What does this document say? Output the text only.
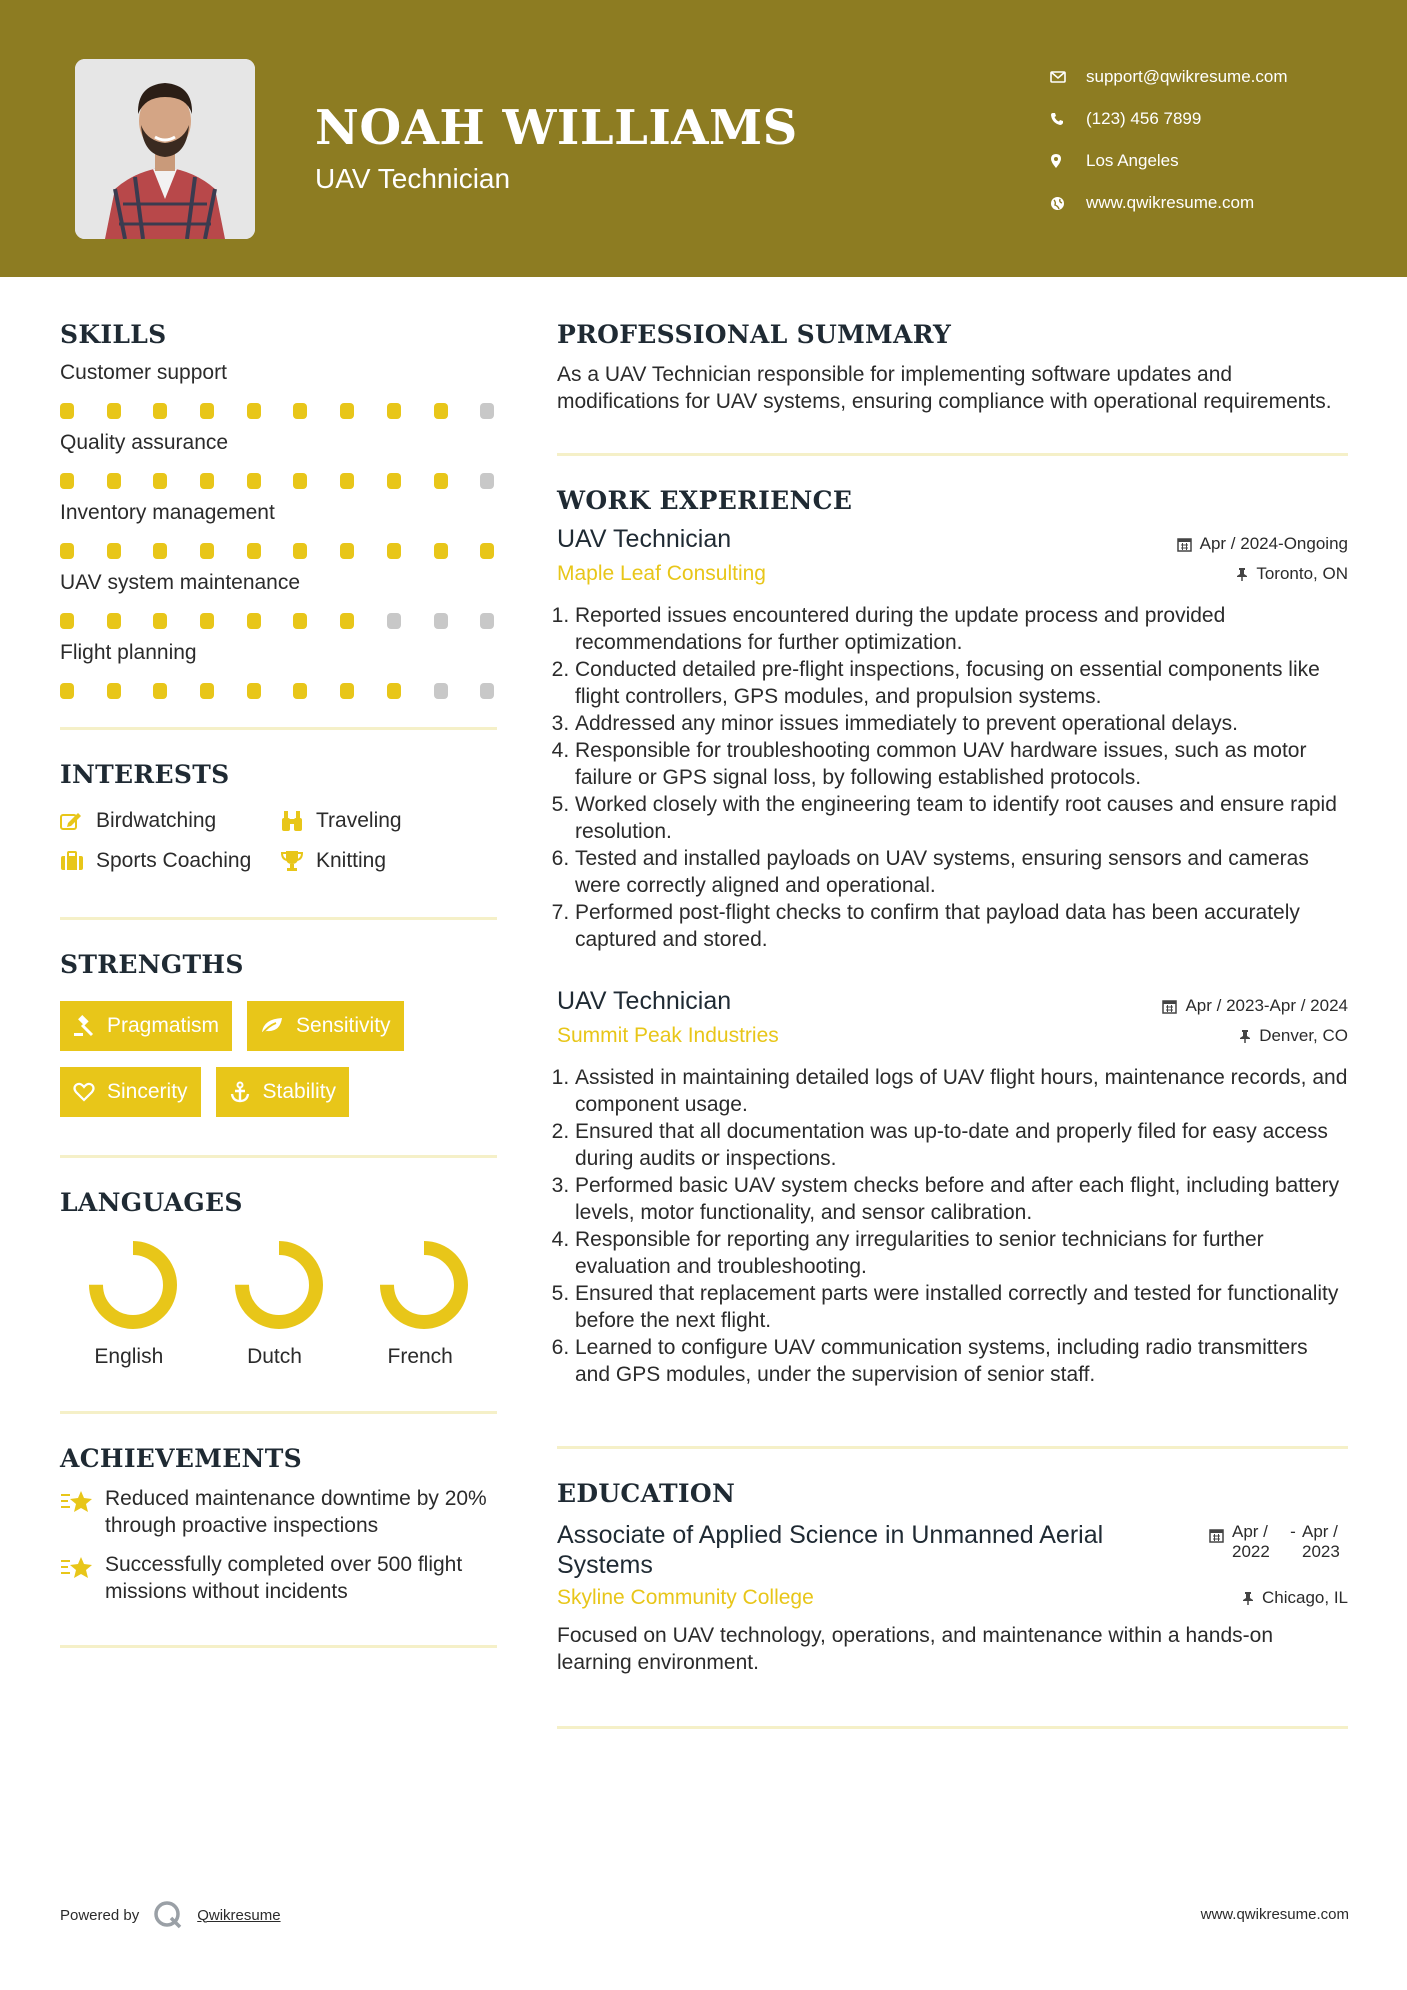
NOAH WILLIAMS
UAV Technician
support@qwikresume.com
(123) 456 7899
Los Angeles
www.qwikresume.com
SKILLS
Customer support
Quality assurance
Inventory management
UAV system maintenance
Flight planning
INTERESTS
Birdwatching	Traveling
Sports Coaching	Knitting
STRENGTHS
Pragmatism	Sensitivity
Sincerity	Stability
LANGUAGES
English	Dutch	French
ACHIEVEMENTS
Reduced maintenance downtime by 20% through proactive inspections
Successfully completed over 500 flight missions without incidents
PROFESSIONAL SUMMARY
As a UAV Technician responsible for implementing software updates and modifications for UAV systems, ensuring compliance with operational requirements.
WORK EXPERIENCE
UAV Technician	Apr / 2024-Ongoing
Maple Leaf Consulting	Toronto, ON
1. Reported issues encountered during the update process and provided recommendations for further optimization.
2. Conducted detailed pre-flight inspections, focusing on essential components like flight controllers, GPS modules, and propulsion systems.
3. Addressed any minor issues immediately to prevent operational delays.
4. Responsible for troubleshooting common UAV hardware issues, such as motor failure or GPS signal loss, by following established protocols.
5. Worked closely with the engineering team to identify root causes and ensure rapid resolution.
6. Tested and installed payloads on UAV systems, ensuring sensors and cameras were correctly aligned and operational.
7. Performed post-flight checks to confirm that payload data has been accurately captured and stored.
UAV Technician	Apr / 2023-Apr / 2024
Summit Peak Industries	Denver, CO
1. Assisted in maintaining detailed logs of UAV flight hours, maintenance records, and component usage.
2. Ensured that all documentation was up-to-date and properly filed for easy access during audits or inspections.
3. Performed basic UAV system checks before and after each flight, including battery levels, motor functionality, and sensor calibration.
4. Responsible for reporting any irregularities to senior technicians for further evaluation and troubleshooting.
5. Ensured that replacement parts were installed correctly and tested for functionality before the next flight.
6. Learned to configure UAV communication systems, including radio transmitters and GPS modules, under the supervision of senior staff.
EDUCATION
Associate of Applied Science in Unmanned Aerial Systems
Apr / 2022
- Apr / 2023
Skyline Community College	Chicago, IL
Focused on UAV technology, operations, and maintenance within a hands-on learning environment.
Powered by	Qwikresume	www.qwikresume.com
